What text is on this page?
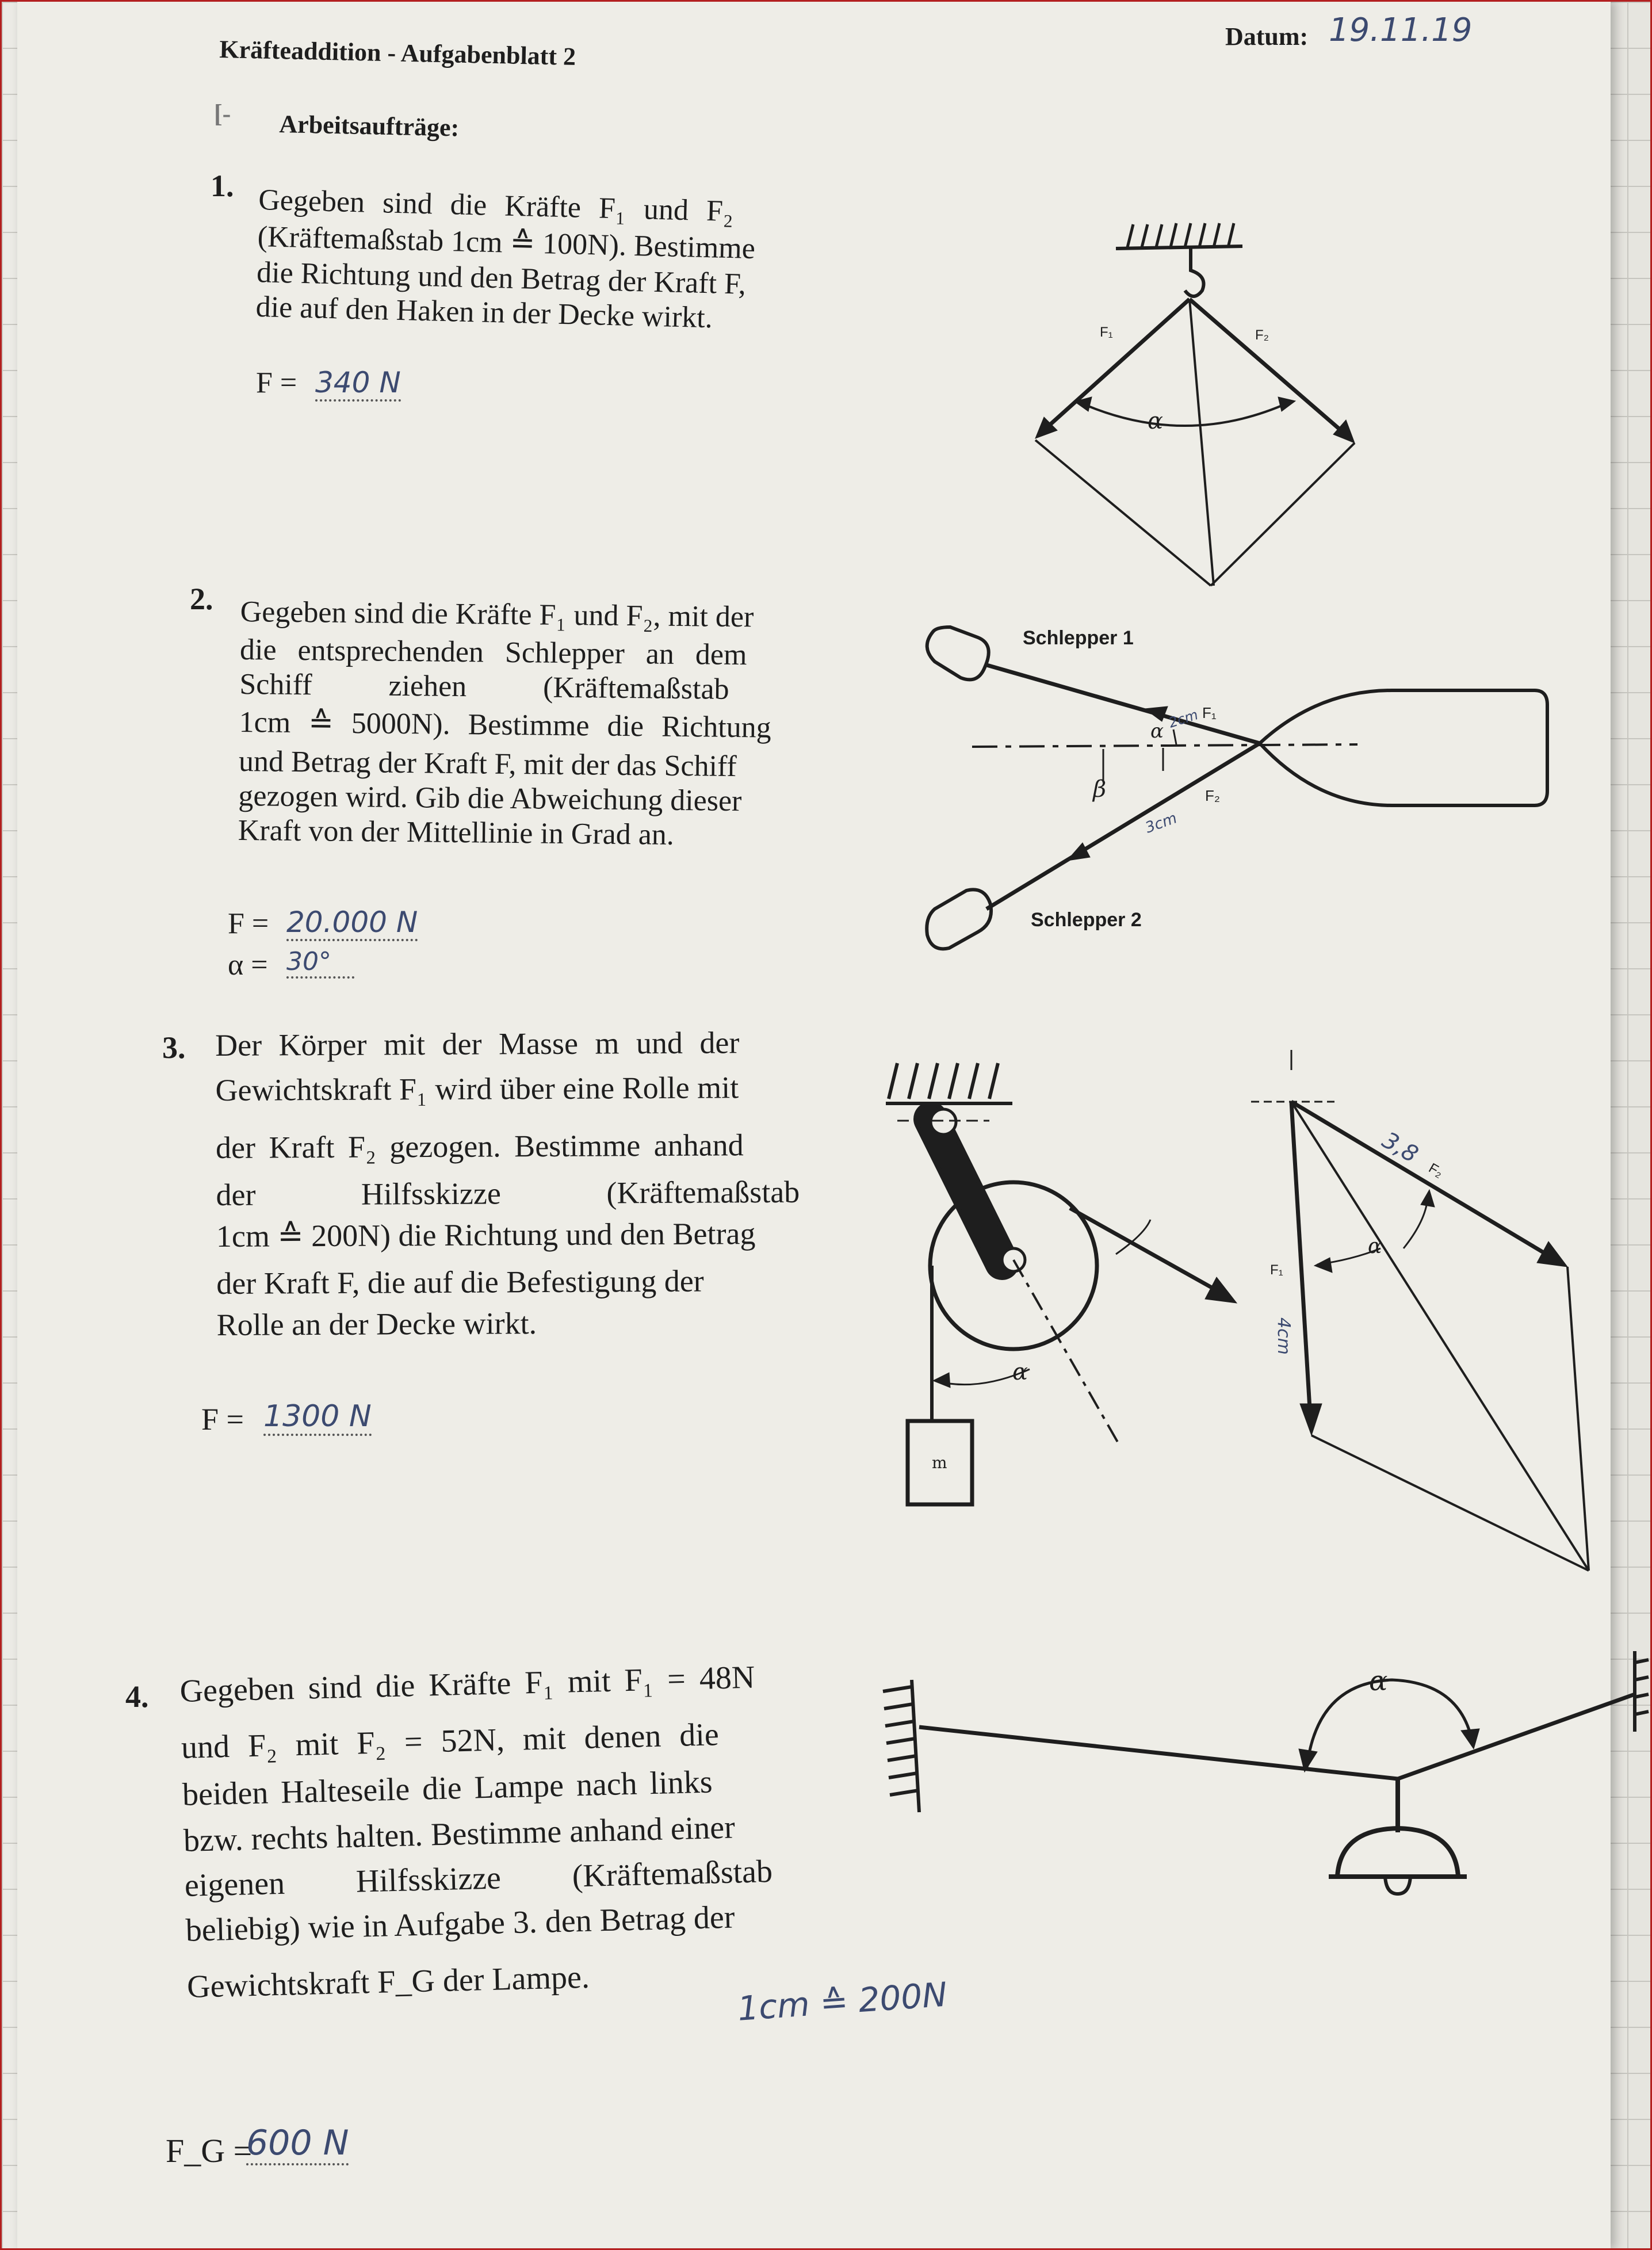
Datum: 19.11.19
Kräfteaddition - Aufgabenblatt 2
[- Arbeitsaufträge:
1. Gegeben sind die Kräfte F₁ und F₂
(Kräftemaßstab 1cm ≙ 100N). Bestimme
die Richtung und den Betrag der Kraft F,
die auf den Haken in der Decke wirkt.
F = 340 N
α
F₁	F₂
2. Gegeben sind die Kräfte F₁ und F₂, mit der
die entsprechenden Schlepper an dem
Schiff ziehen (Kräftemaßstab
1cm ≙ 5000N). Bestimme die Richtung
und Betrag der Kraft F, mit der das Schiff
gezogen wird. Gib die Abweichung dieser
Kraft von der Mittellinie in Grad an.
F = 20.000 N
α = 30°
α
β
F₁
F₂
2cm
3cm
Schlepper 1
Schlepper 2
3. Der Körper mit der Masse m und der
Gewichtskraft F₁ wird über eine Rolle mit
der Kraft F₂ gezogen. Bestimme anhand
der Hilfsskizze (Kräftemaßstab
1cm ≙ 200N) die Richtung und den Betrag
der Kraft F, die auf die Befestigung der
Rolle an der Decke wirkt.
F = 1300 N
α
m
α
F₁
F₂
4cm
3,8
4. Gegeben sind die Kräfte F₁ mit F₁ = 48N
und F₂ mit F₂ = 52N, mit denen die
beiden Halteseile die Lampe nach links
bzw. rechts halten. Bestimme anhand einer
eigenen Hilfsskizze (Kräftemaßstab
beliebig) wie in Aufgabe 3. den Betrag der
Gewichtskraft F_G der Lampe.	1cm ≙ 200N
F_G =
600 N
α
